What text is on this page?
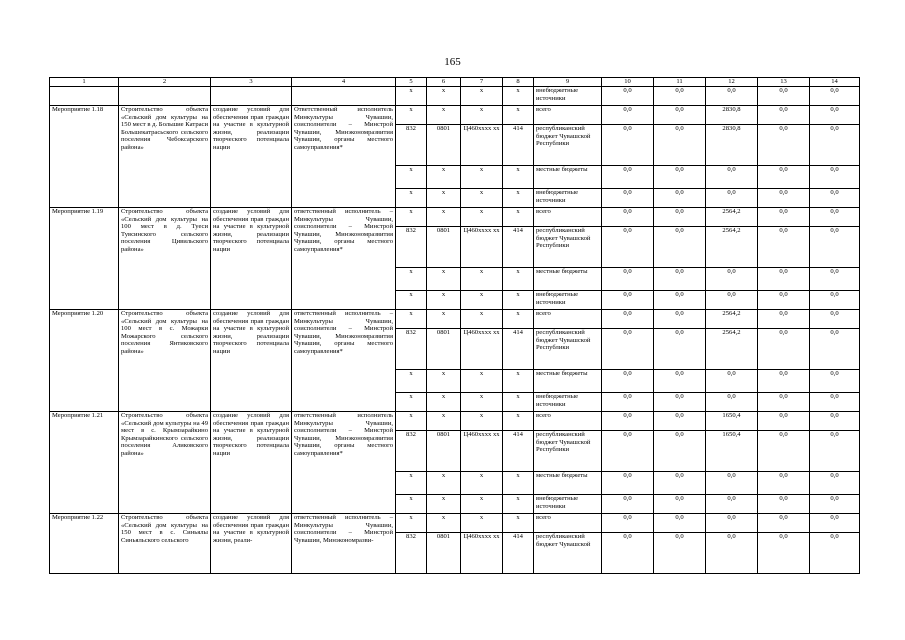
165
1	2	3	4	5	6	7	8	9	10	11	12	13	14
				х	х	х	х	внебюджетные источники	0,0	0,0	0,0	0,0	0,0
Мероприятие 1.18	Строительство объекта «Сельский дом культуры на 150 мест в д. Большие Катраси Большекатрасьского сельского поселения Чебоксарского района»	создание условий для обеспечения прав граждан на участие в культурной жизни, реализации творческого потенциала нации	Ответственный исполнитель Минкультуры Чувашии, соисполнители – Минстрой Чувашии, Минэкономразвития Чувашии, органы местного самоуправления*	х	х	х	х	всего	0,0	0,0	2830,8	0,0	0,0
				832	0801	Ц460хххх хх	414	республиканский бюджет Чувашской Республики	0,0	0,0	2830,8	0,0	0,0
				х	х	х	х	местные бюджеты	0,0	0,0	0,0	0,0	0,0
				х	х	х	х	внебюджетные источники	0,0	0,0	0,0	0,0	0,0
Мероприятие 1.19	Строительство объекта «Сельский дом культуры на 100 мест в д. Туеси Тувсинского сельского поселения Цивильского района»	создание условий для обеспечения прав граждан на участие в культурной жизни, реализации творческого потенциала нации	ответственный исполнитель – Минкультуры Чувашии, соисполнители – Минстрой Чувашии, Минэкономразвития Чувашии, органы местного самоуправления*	х	х	х	х	всего	0,0	0,0	2564,2	0,0	0,0
				832	0801	Ц460хххх хх	414	республиканский бюджет Чувашской Республики	0,0	0,0	2564,2	0,0	0,0
				х	х	х	х	местные бюджеты	0,0	0,0	0,0	0,0	0,0
				х	х	х	х	внебюджетные источники	0,0	0,0	0,0	0,0	0,0
Мероприятие 1.20	Строительство объекта «Сельский дом культуры на 100 мест в с. Можарки Можарского сельского поселения Янтиковского района»	создание условий для обеспечения прав граждан на участие в культурной жизни, реализации творческого потенциала нации	ответственный исполнитель – Минкультуры Чувашии, соисполнители – Минстрой Чувашии, Минэкономразвития Чувашии, органы местного самоуправления*	х	х	х	х	всего	0,0	0,0	2564,2	0,0	0,0
				832	0801	Ц460хххх хх	414	республиканский бюджет Чувашской Республики	0,0	0,0	2564,2	0,0	0,0
				х	х	х	х	местные бюджеты	0,0	0,0	0,0	0,0	0,0
				х	х	х	х	внебюджетные источники	0,0	0,0	0,0	0,0	0,0
Мероприятие 1.21	Строительство объекта «Сельский дом культуры на 49 мест в с. Крымзарайкино Крымзарайкинского сельского поселения Аликовского района»	создание условий для обеспечения прав граждан на участие в культурной жизни, реализации творческого потенциала нации	ответственный исполнитель Минкультуры Чувашии, соисполнители – Минстрой Чувашии, Минэкономразвития Чувашии, органы местного самоуправления*	х	х	х	х	всего	0,0	0,0	1650,4	0,0	0,0
				832	0801	Ц460хххх хх	414	республиканский бюджет Чувашской Республики	0,0	0,0	1650,4	0,0	0,0
				х	х	х	х	местные бюджеты	0,0	0,0	0,0	0,0	0,0
				х	х	х	х	внебюджетные источники	0,0	0,0	0,0	0,0	0,0
Мероприятие 1.22	Строительство объекта «Сельский дом культуры на 150 мест в с. Синьялы Синьяльского сельского	создание условий для обеспечения прав граждан на участие в культурной жизни, реали-	ответственный исполнитель – Минкультуры Чувашии, соисполнители – Минстрой Чувашии, Минэкономразви-	х	х	х	х	всего	0,0	0,0	0,0	0,0	0,0
				832	0801	Ц460хххх хх	414	республиканский бюджет Чувашской	0,0	0,0	0,0	0,0	0,0
